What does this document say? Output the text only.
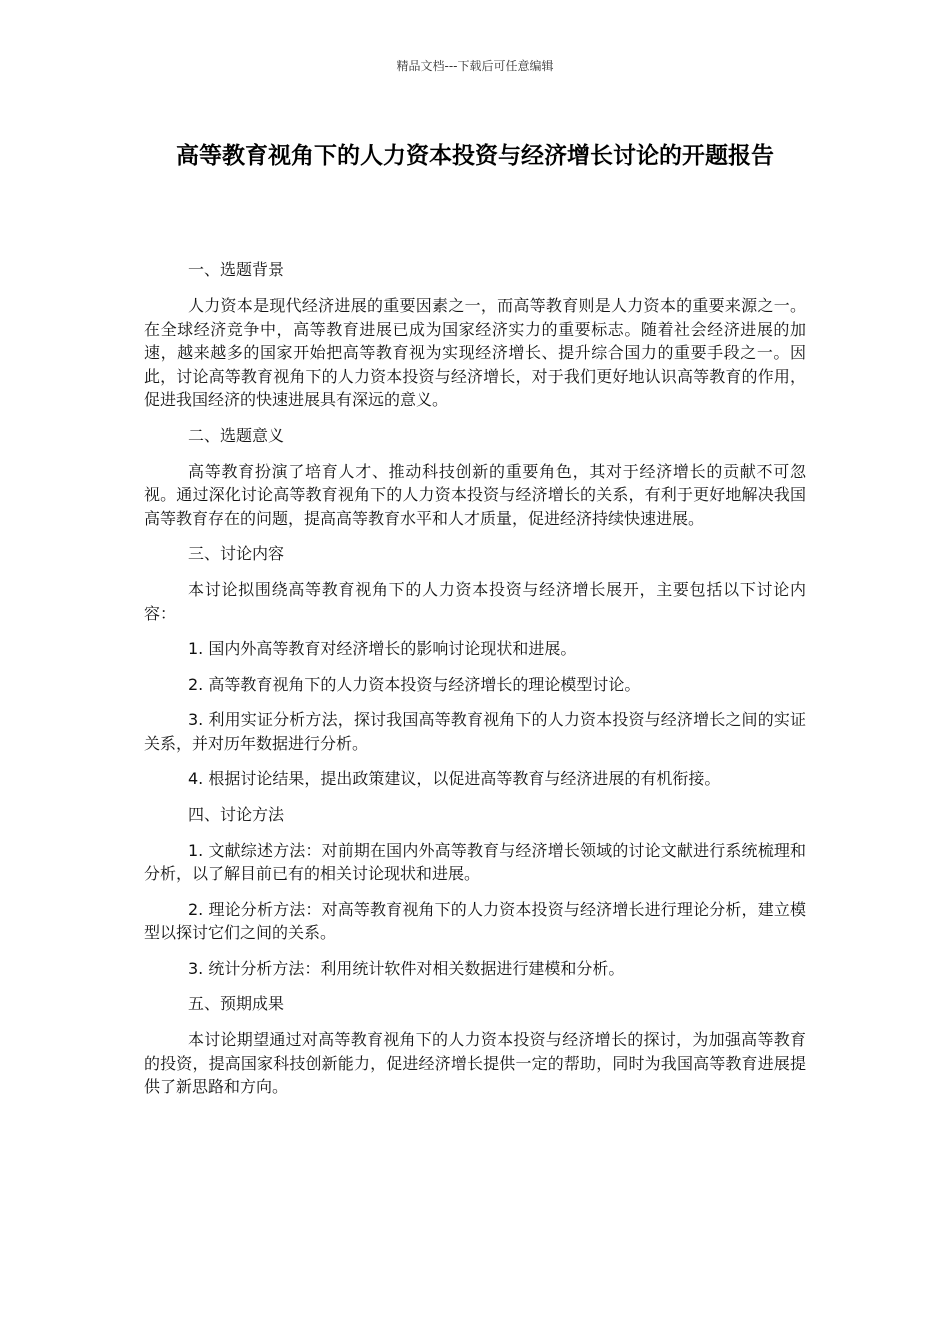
精品文档---下载后可任意编辑
高等教育视角下的人力资本投资与经济增长讨论的开题报告
一、选题背景

人力资本是现代经济进展的重要因素之一，而高等教育则是人力资本的重要来源之一。在全球经济竞争中，高等教育进展已成为国家经济实力的重要标志。随着社会经济进展的加速，越来越多的国家开始把高等教育视为实现经济增长、提升综合国力的重要手段之一。因此，讨论高等教育视角下的人力资本投资与经济增长，对于我们更好地认识高等教育的作用，促进我国经济的快速进展具有深远的意义。

二、选题意义

高等教育扮演了培育人才、推动科技创新的重要角色，其对于经济增长的贡献不可忽视。通过深化讨论高等教育视角下的人力资本投资与经济增长的关系，有利于更好地解决我国高等教育存在的问题，提高高等教育水平和人才质量，促进经济持续快速进展。

三、讨论内容

本讨论拟围绕高等教育视角下的人力资本投资与经济增长展开，主要包括以下讨论内容：

1. 国内外高等教育对经济增长的影响讨论现状和进展。

2. 高等教育视角下的人力资本投资与经济增长的理论模型讨论。

3. 利用实证分析方法，探讨我国高等教育视角下的人力资本投资与经济增长之间的实证关系，并对历年数据进行分析。

4. 根据讨论结果，提出政策建议，以促进高等教育与经济进展的有机衔接。

四、讨论方法

1. 文献综述方法：对前期在国内外高等教育与经济增长领域的讨论文献进行系统梳理和分析，以了解目前已有的相关讨论现状和进展。

2. 理论分析方法：对高等教育视角下的人力资本投资与经济增长进行理论分析，建立模型以探讨它们之间的关系。

3. 统计分析方法：利用统计软件对相关数据进行建模和分析。

五、预期成果

本讨论期望通过对高等教育视角下的人力资本投资与经济增长的探讨，为加强高等教育的投资，提高国家科技创新能力，促进经济增长提供一定的帮助，同时为我国高等教育进展提供了新思路和方向。
